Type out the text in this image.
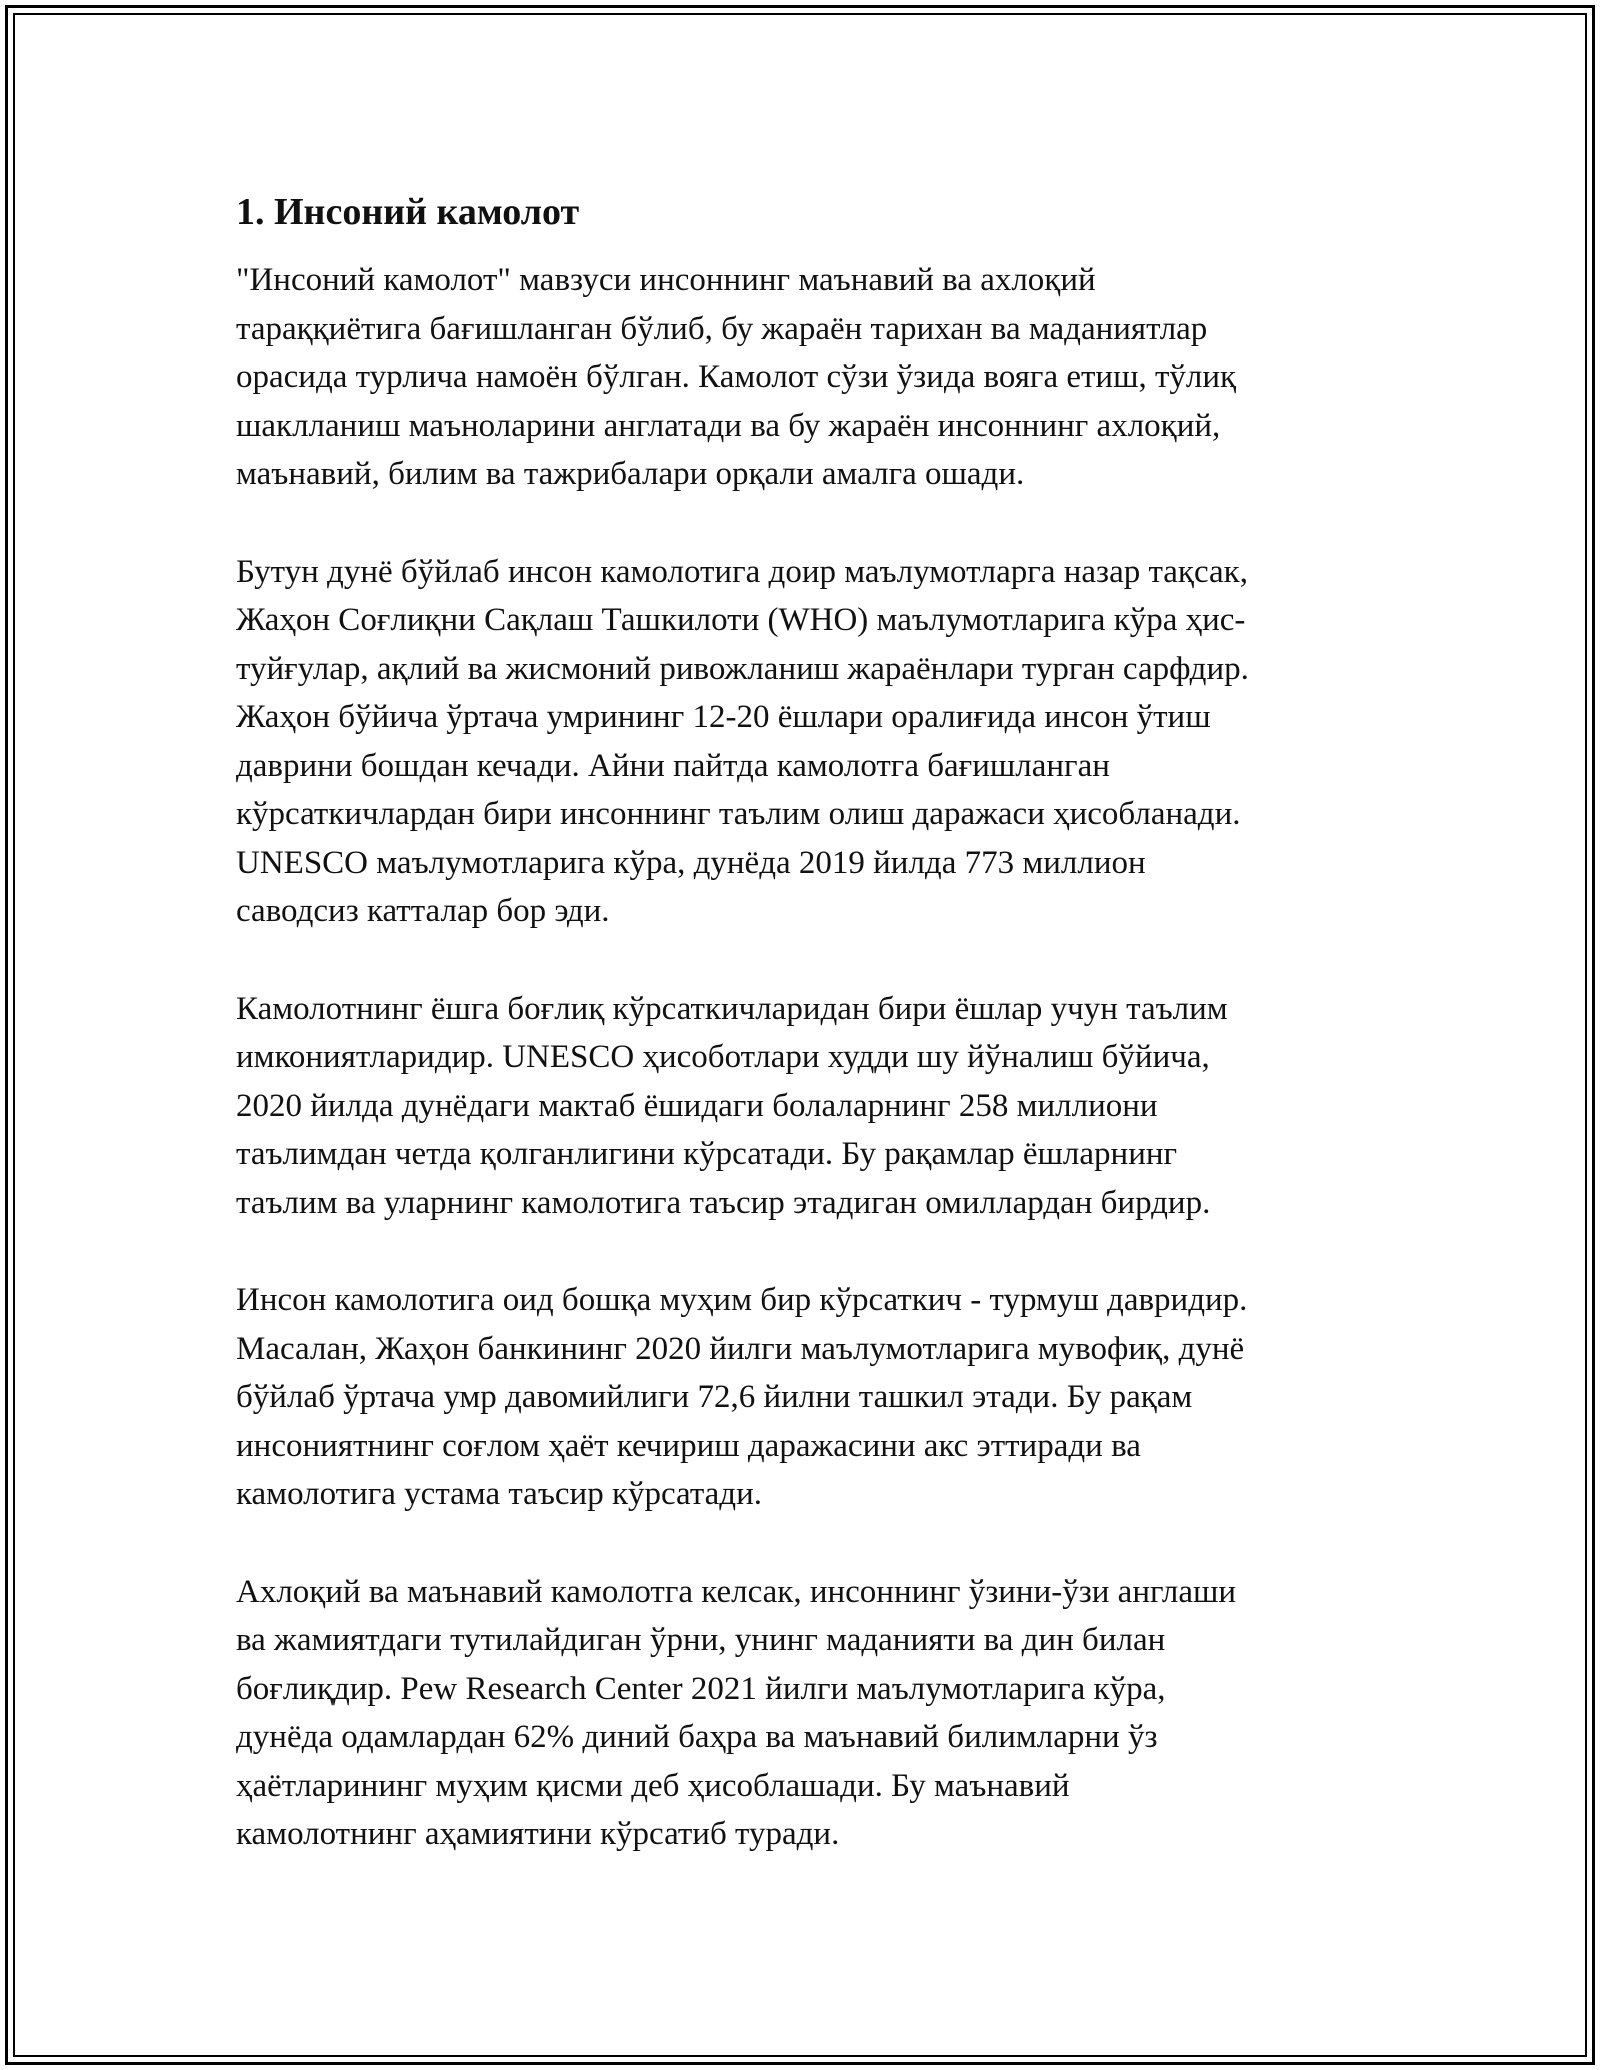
1. Инсоний камолот

"Инсоний камолот" мавзуси инсоннинг маънавий ва ахлоқий
тараққиётига бағишланган бўлиб, бу жараён тарихан ва маданиятлар
орасида турлича намоён бўлган. Камолот сўзи ўзида вояга етиш, тўлиқ
шаклланиш маъноларини англатади ва бу жараён инсоннинг ахлоқий,
маънавий, билим ва тажрибалари орқали амалга ошади.

Бутун дунё бўйлаб инсон камолотига доир маълумотларга назар тақсак,
Жаҳон Соғлиқни Сақлаш Ташкилоти (WHO) маълумотларига кўра ҳис-
туйғулар, ақлий ва жисмоний ривожланиш жараёнлари турган сарфдир.
Жаҳон бўйича ўртача умрининг 12-20 ёшлари оралиғида инсон ўтиш
даврини бошдан кечади. Айни пайтда камолотга бағишланган
кўрсаткичлардан бири инсоннинг таълим олиш даражаси ҳисобланади.
UNESCO маълумотларига кўра, дунёда 2019 йилда 773 миллион
саводсиз катталар бор эди.

Камолотнинг ёшга боғлиқ кўрсаткичларидан бири ёшлар учун таълим
имкониятларидир. UNESCO ҳисоботлари худди шу йўналиш бўйича,
2020 йилда дунёдаги мактаб ёшидаги болаларнинг 258 миллиони
таълимдан четда қолганлигини кўрсатади. Бу рақамлар ёшларнинг
таълим ва уларнинг камолотига таъсир этадиган омиллардан бирдир.

Инсон камолотига оид бошқа муҳим бир кўрсаткич - турмуш давридир.
Масалан, Жаҳон банкининг 2020 йилги маълумотларига мувофиқ, дунё
бўйлаб ўртача умр давомийлиги 72,6 йилни ташкил этади. Бу рақам
инсониятнинг соғлом ҳаёт кечириш даражасини акс эттиради ва
камолотига устама таъсир кўрсатади.

Ахлоқий ва маънавий камолотга келсак, инсоннинг ўзини-ўзи англаши
ва жамиятдаги тутилайдиган ўрни, унинг маданияти ва дин билан
боғлиқдир. Pew Research Center 2021 йилги маълумотларига кўра,
дунёда одамлардан 62% диний баҳра ва маънавий билимларни ўз
ҳаётларининг муҳим қисми деб ҳисоблашади. Бу маънавий
камолотнинг аҳамиятини кўрсатиб туради.
